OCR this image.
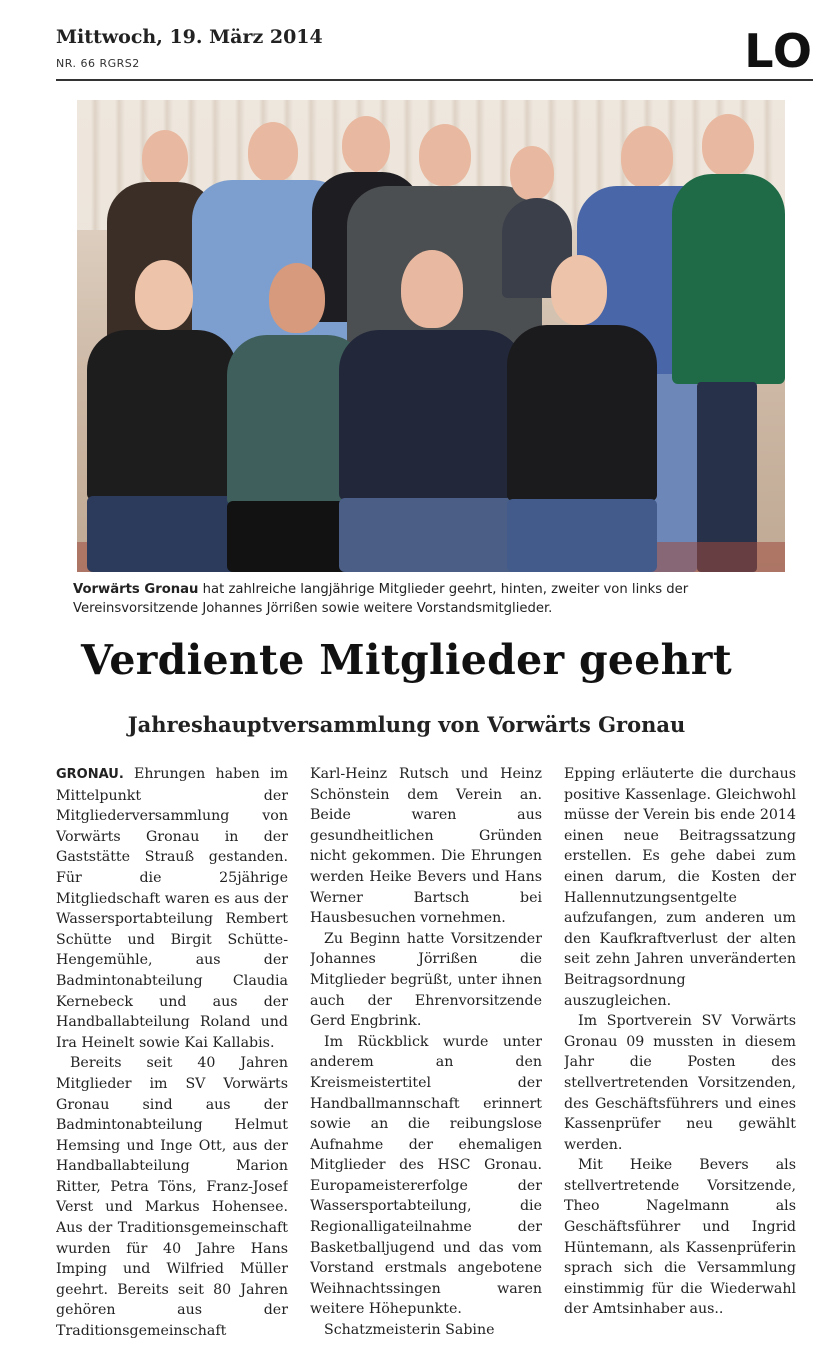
Mittwoch, 19. März 2014
NR. 66 RGRS2	LO

Vorwärts Gronau hat zahlreiche langjährige Mitglieder geehrt, hinten, zweiter von links der Vereinsvorsitzende Johannes Jörrißen sowie weitere Vorstandsmitglieder.

Verdiente Mitglieder geehrt
Jahreshauptversammlung von Vorwärts Gronau

GRONAU. Ehrungen haben im Mittelpunkt der Mitgliederversammlung von Vorwärts Gronau in der Gaststätte Strauß gestanden. Für die 25jährige Mitgliedschaft waren es aus der Wassersportabteilung Rembert Schütte und Birgit Schütte-Hengemühle, aus der Badmintonabteilung Claudia Kernebeck und aus der Handballabteilung Roland und Ira Heinelt sowie Kai Kallabis.

Bereits seit 40 Jahren Mitglieder im SV Vorwärts Gronau sind aus der Badmintonabteilung Helmut Hemsing und Inge Ott, aus der Handballabteilung Marion Ritter, Petra Töns, Franz-Josef Verst und Markus Hohensee. Aus der Traditionsgemeinschaft wurden für 40 Jahre Hans Imping und Wilfried Müller geehrt. Bereits seit 80 Jahren gehören aus der Traditionsgemeinschaft

Karl-Heinz Rutsch und Heinz Schönstein dem Verein an. Beide waren aus gesundheitlichen Gründen nicht gekommen. Die Ehrungen werden Heike Bevers und Hans Werner Bartsch bei Hausbesuchen vornehmen.

Zu Beginn hatte Vorsitzender Johannes Jörrißen die Mitglieder begrüßt, unter ihnen auch der Ehrenvorsitzende Gerd Engbrink.

Im Rückblick wurde unter anderem an den Kreismeistertitel der Handballmannschaft erinnert sowie an die reibungslose Aufnahme der ehemaligen Mitglieder des HSC Gronau. Europameistererfolge der Wassersportabteilung, die Regionalligateilnahme der Basketballjugend und das vom Vorstand erstmals angebotene Weihnachtssingen waren weitere Höhepunkte.

Schatzmeisterin Sabine

Epping erläuterte die durchaus positive Kassenlage. Gleichwohl müsse der Verein bis ende 2014 einen neue Beitragssatzung erstellen. Es gehe dabei zum einen darum, die Kosten der Hallennutzungsentgelte aufzufangen, zum anderen um den Kaufkraftverlust der alten seit zehn Jahren unveränderten Beitragsordnung auszugleichen.

Im Sportverein SV Vorwärts Gronau 09 mussten in diesem Jahr die Posten des stellvertretenden Vorsitzenden, des Geschäftsführers und eines Kassenprüfer neu gewählt werden.

Mit Heike Bevers als stellvertretende Vorsitzende, Theo Nagelmann als Geschäftsführer und Ingrid Hüntemann, als Kassenprüferin sprach sich die Versammlung einstimmig für die Wiederwahl der Amtsinhaber aus..
